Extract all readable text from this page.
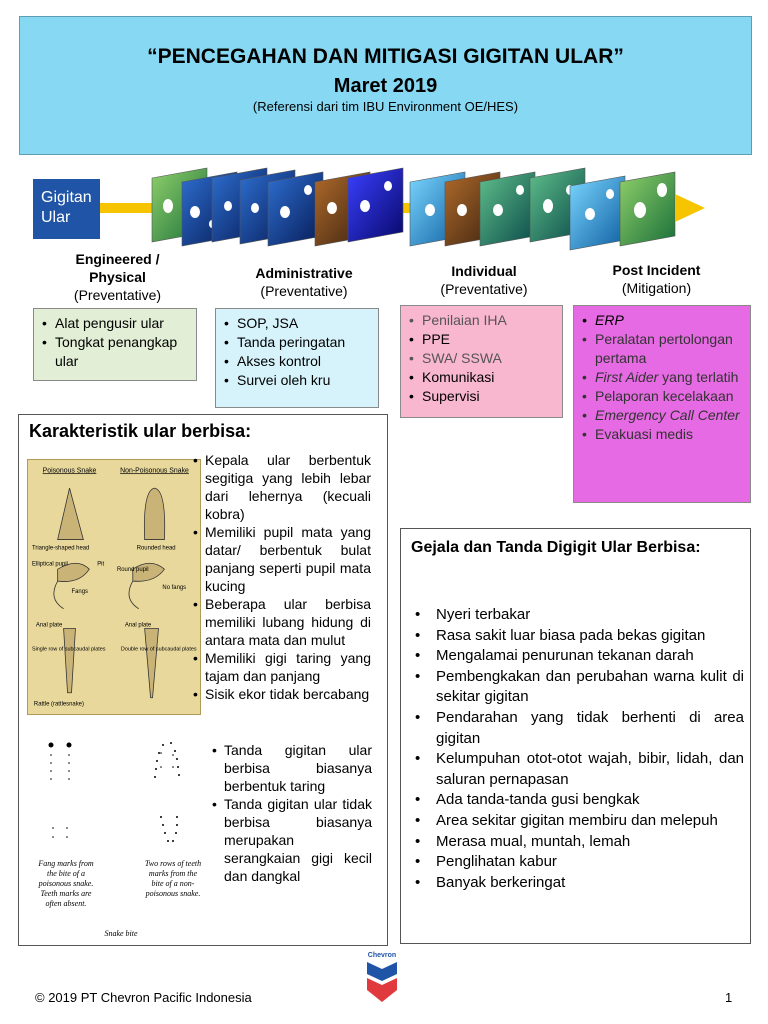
“PENCEGAHAN DAN MITIGASI GIGITAN ULAR”
Maret 2019
(Referensi dari tim IBU Environment OE/HES)
Gigitan
Ular
Engineered /
Physical
(Preventative)
Administrative
(Preventative)
Individual
(Preventative)
Post Incident
(Mitigation)
• Alat pengusir ular
• Tongkat penangkap ular
• SOP, JSA
• Tanda peringatan
• Akses kontrol
• Survei oleh kru
• Penilaian IHA
• PPE
• SWA/ SSWA
• Komunikasi
• Supervisi
• ERP
• Peralatan pertolongan pertama
• First Aider yang terlatih
• Pelaporan kecelakaan
• Emergency Call Center
• Evakuasi medis
Karakteristik ular berbisa:
Poisonous Snake	Non-Poisonous Snake
Triangle-shaped head	Rounded head
Elliptical pupil	Pit
Round pupil
Fangs
No fangs
Anal plate	Anal plate
Single row of subcaudal plates	Double row of subcaudal plates
Rattle (rattlesnake)
• Kepala ular berbentuk segitiga yang lebih lebar dari lehernya (kecuali kobra)
• Memiliki pupil mata yang datar/ berbentuk bulat panjang seperti pupil mata kucing
• Beberapa ular berbisa memiliki lubang hidung di antara mata dan mulut
• Memiliki gigi taring yang tajam dan panjang
• Sisik ekor tidak bercabang
Fang marks from the bite of a poisonous snake. Teeth marks are often absent.
Two rows of teeth marks from the bite of a non-poisonous snake.
Snake bite
• Tanda gigitan ular berbisa biasanya berbentuk taring
• Tanda gigitan ular tidak berbisa biasanya merupakan serangkaian gigi kecil dan dangkal
Gejala dan Tanda Digigit Ular Berbisa:
• Nyeri terbakar
• Rasa sakit luar biasa pada bekas gigitan
• Mengalamai penurunan tekanan darah
• Pembengkakan dan perubahan warna kulit di sekitar gigitan
• Pendarahan yang tidak berhenti di area gigitan
• Kelumpuhan otot-otot wajah, bibir, lidah, dan saluran pernapasan
• Ada tanda-tanda gusi bengkak
• Area sekitar gigitan membiru dan melepuh
• Merasa mual, muntah, lemah
• Penglihatan kabur
• Banyak berkeringat
Chevron
© 2019 PT Chevron Pacific Indonesia	1
